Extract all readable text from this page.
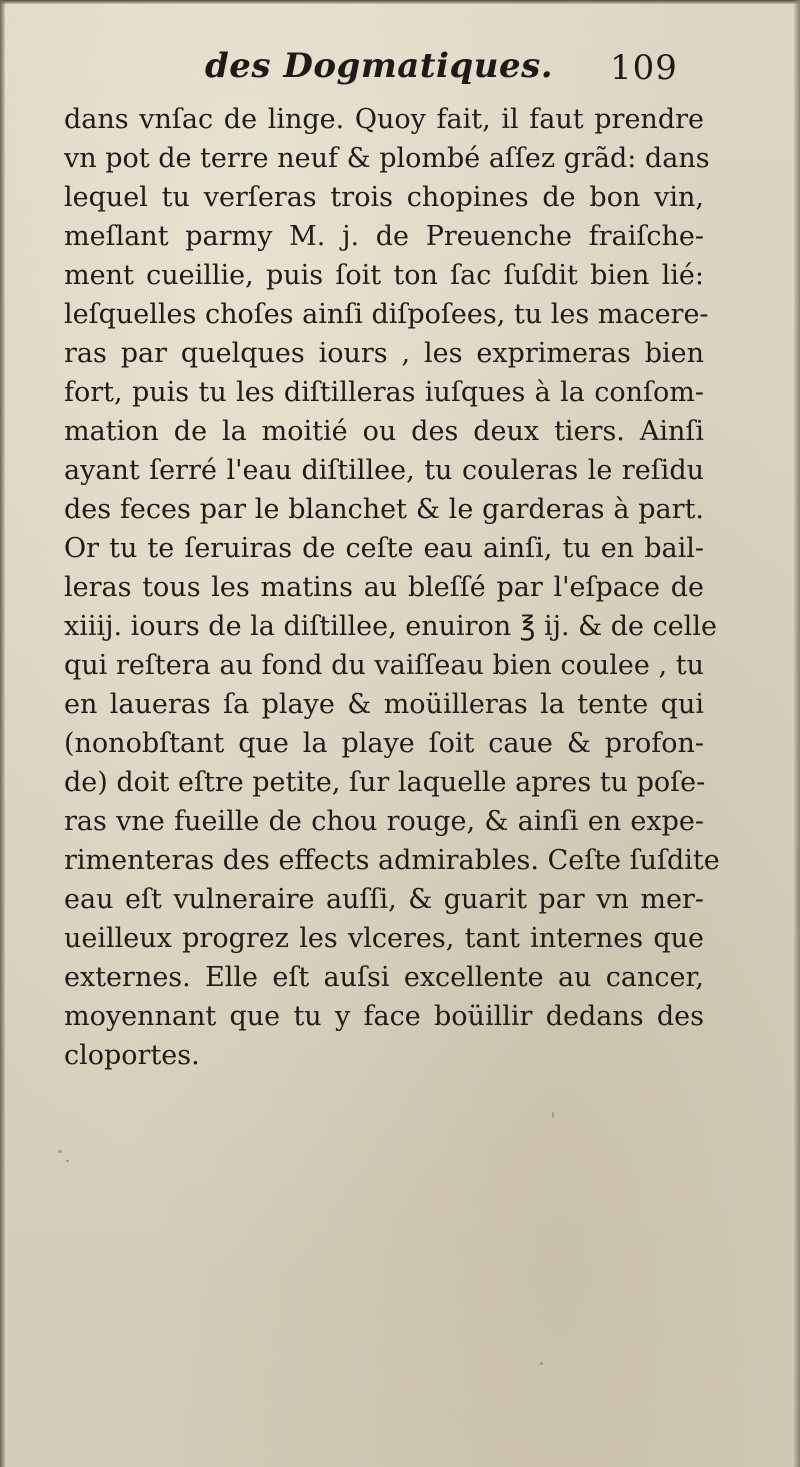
des Dogmatiques. 109
dans vnſac de linge. Quoy fait, il faut prendre
vn pot de terre neuf & plombé aſſez grãd: dans
lequel tu verſeras trois chopines de bon vin,
meſlant parmy M. j. de Preuenche fraiſche-
ment cueillie, puis ſoit ton ſac ſuſdit bien lié:
leſquelles choſes ainſi diſpoſees, tu les macere-
ras par quelques iours , les exprimeras bien
fort, puis tu les diſtilleras iuſques à la conſom-
mation de la moitié ou des deux tiers. Ainſi
ayant ſerré l'eau diſtillee, tu couleras le reſidu
des feces par le blanchet & le garderas à part.
Or tu te ſeruiras de ceſte eau ainſi, tu en bail-
leras tous les matins au bleſſé par l'eſpace de
xiiij. iours de la diſtillee, enuiron ℥ ij. & de celle
qui reſtera au fond du vaiſſeau bien coulee , tu
en laueras ſa playe & moüilleras la tente qui
(nonobſtant que la playe ſoit caue & profon-
de) doit eſtre petite, ſur laquelle apres tu poſe-
ras vne fueille de chou rouge, & ainſi en expe-
rimenteras des effects admirables. Ceſte ſuſdite
eau eſt vulneraire auſſi, & guarit par vn mer-
ueilleux progrez les vlceres, tant internes que
externes. Elle eſt auſsi excellente au cancer,
moyennant que tu y face boüillir dedans des
cloportes.
